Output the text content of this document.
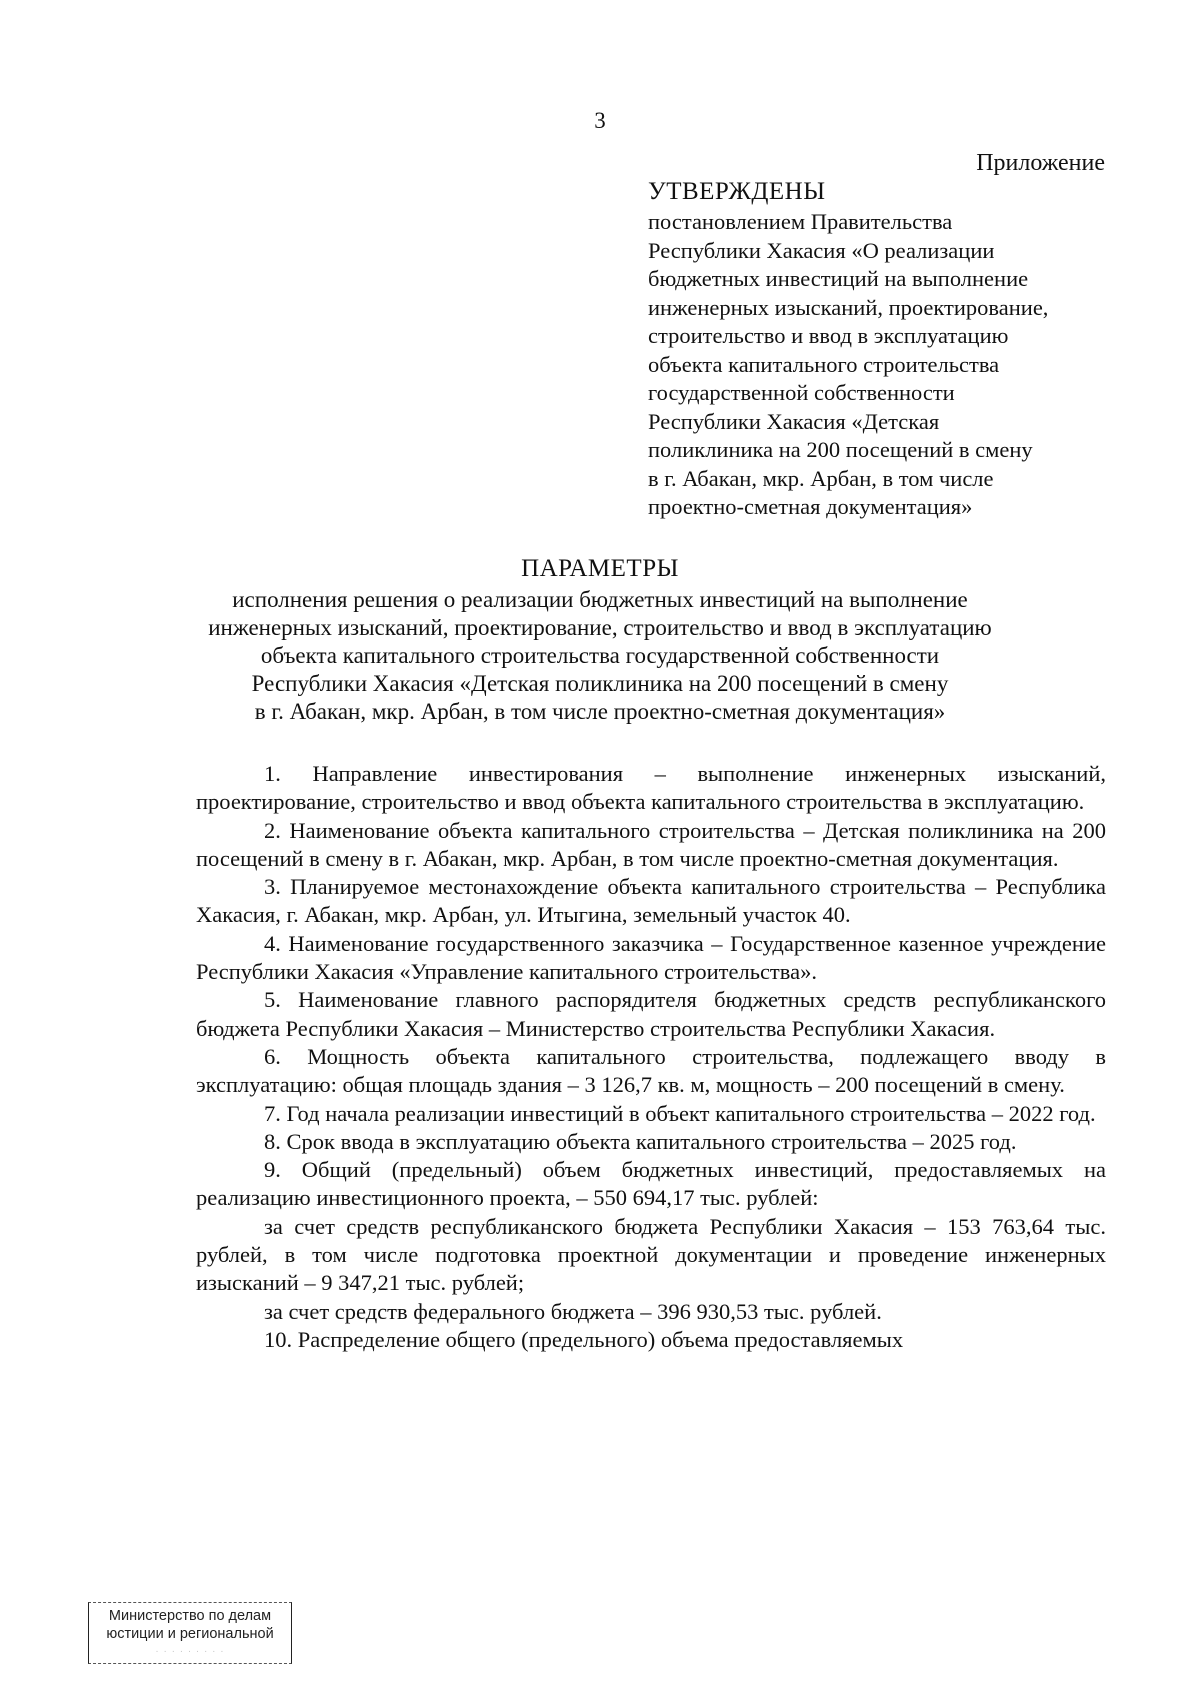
3
Приложение
УТВЕРЖДЕНЫ
постановлением Правительства
Республики Хакасия «О реализации
бюджетных инвестиций на выполнение
инженерных изысканий, проектирование,
строительство и ввод в эксплуатацию
объекта капитального строительства
государственной собственности
Республики Хакасия «Детская
поликлиника на 200 посещений в смену
в г. Абакан, мкр. Арбан, в том числе
проектно-сметная документация»
ПАРАМЕТРЫ
исполнения решения о реализации бюджетных инвестиций на выполнение
инженерных изысканий, проектирование, строительство и ввод в эксплуатацию
объекта капитального строительства государственной собственности
Республики Хакасия «Детская поликлиника на 200 посещений в смену
в г. Абакан, мкр. Арбан, в том числе проектно-сметная документация»

1. Направление инвестирования – выполнение инженерных изысканий, проектирование, строительство и ввод объекта капитального строительства в эксплуатацию.

2. Наименование объекта капитального строительства – Детская поликлиника на 200 посещений в смену в г. Абакан, мкр. Арбан, в том числе проектно-сметная документация.

3. Планируемое местонахождение объекта капитального строительства – Республика Хакасия, г. Абакан, мкр. Арбан, ул. Итыгина, земельный участок 40.

4. Наименование государственного заказчика – Государственное казенное учреждение Республики Хакасия «Управление капитального строительства».

5. Наименование главного распорядителя бюджетных средств республиканского бюджета Республики Хакасия – Министерство строительства Республики Хакасия.

6. Мощность объекта капитального строительства, подлежащего вводу в эксплуатацию: общая площадь здания – 3 126,7 кв. м, мощность – 200 посещений в смену.

7. Год начала реализации инвестиций в объект капитального строительства – 2022 год.

8. Срок ввода в эксплуатацию объекта капитального строительства – 2025 год.

9. Общий (предельный) объем бюджетных инвестиций, предоставляемых на реализацию инвестиционного проекта, – 550 694,17 тыс. рублей:

за счет средств республиканского бюджета Республики Хакасия – 153 763,64 тыс. рублей, в том числе подготовка проектной документации и проведение инженерных изысканий – 9 347,21 тыс. рублей;

за счет средств федерального бюджета – 396 930,53 тыс. рублей.

10. Распределение общего (предельного) объема предоставляемых

Министерство по делам
юстиции и региональной
· · · · · · · · ·
